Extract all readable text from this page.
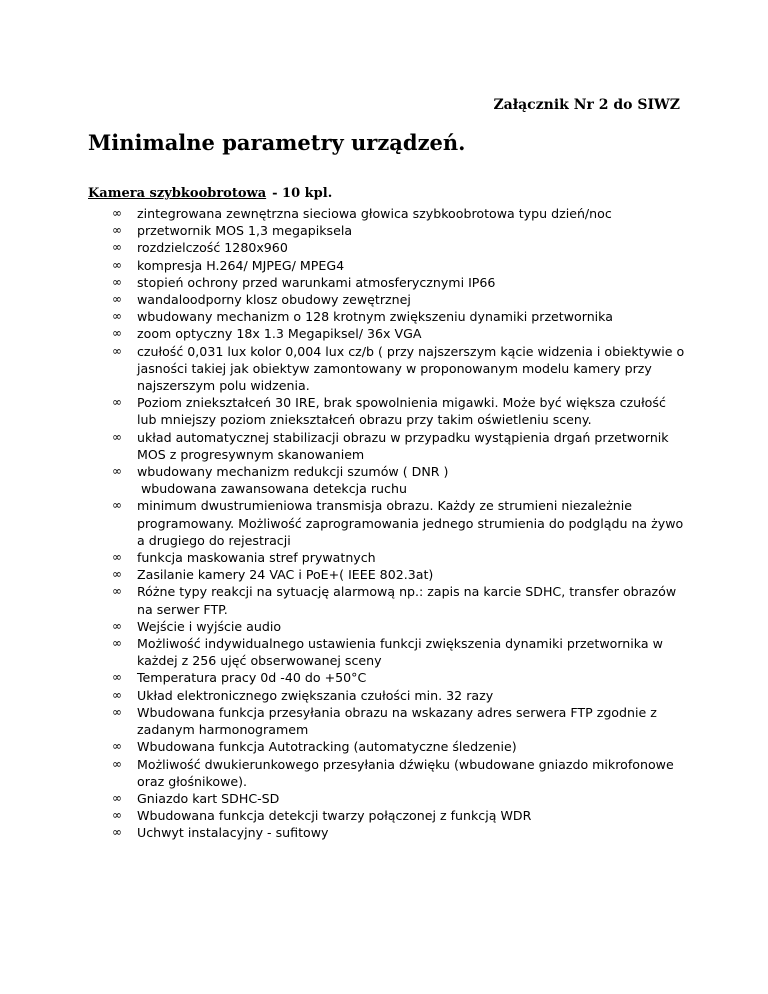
Załącznik Nr 2 do SIWZ
Minimalne parametry urządzeń.
Kamera szybkoobrotowa - 10 kpl.
∞	zintegrowana zewnętrzna sieciowa głowica szybkoobrotowa typu dzień/noc
∞	przetwornik MOS 1,3 megapiksela
∞	rozdzielczość 1280x960
∞	kompresja H.264/ MJPEG/ MPEG4
∞	stopień ochrony przed warunkami atmosferycznymi IP66
∞	wandaloodporny klosz obudowy zewętrznej
∞	wbudowany mechanizm o 128 krotnym zwiększeniu dynamiki przetwornika
∞	zoom optyczny 18x 1.3 Megapiksel/ 36x VGA
∞	czułość 0,031 lux kolor 0,004 lux cz/b ( przy najszerszym kącie widzenia i obiektywie o jasności takiej jak obiektyw zamontowany w proponowanym modelu kamery przy najszerszym polu widzenia.
∞	Poziom zniekształceń 30 IRE, brak spowolnienia migawki. Może być większa czułość lub mniejszy poziom zniekształceń obrazu przy takim oświetleniu sceny.
∞	układ automatycznej stabilizacji obrazu w przypadku wystąpienia drgań przetwornik MOS z progresywnym skanowaniem
∞	wbudowany mechanizm redukcji szumów ( DNR )
wbudowana zawansowana detekcja ruchu
∞	minimum dwustrumieniowa transmisja obrazu. Każdy ze strumieni niezależnie programowany. Możliwość zaprogramowania jednego strumienia do podglądu na żywo a drugiego do rejestracji
∞	funkcja maskowania stref prywatnych
∞	Zasilanie kamery 24 VAC i PoE+( IEEE 802.3at)
∞	Różne typy reakcji na sytuację alarmową np.: zapis na karcie SDHC, transfer obrazów na serwer FTP.
∞	Wejście i wyjście audio
∞	Możliwość indywidualnego ustawienia funkcji zwiększenia dynamiki przetwornika w każdej z 256 ujęć obserwowanej sceny
∞	Temperatura pracy 0d -40 do +50°C
∞	Układ elektronicznego zwiększania czułości min. 32 razy
∞	Wbudowana funkcja przesyłania obrazu na wskazany adres serwera FTP zgodnie z zadanym harmonogramem
∞	Wbudowana funkcja Autotracking (automatyczne śledzenie)
∞	Możliwość dwukierunkowego przesyłania dźwięku (wbudowane gniazdo mikrofonowe oraz głośnikowe).
∞	Gniazdo kart SDHC-SD
∞	Wbudowana funkcja detekcji twarzy połączonej z funkcją WDR
∞	Uchwyt instalacyjny - sufitowy
